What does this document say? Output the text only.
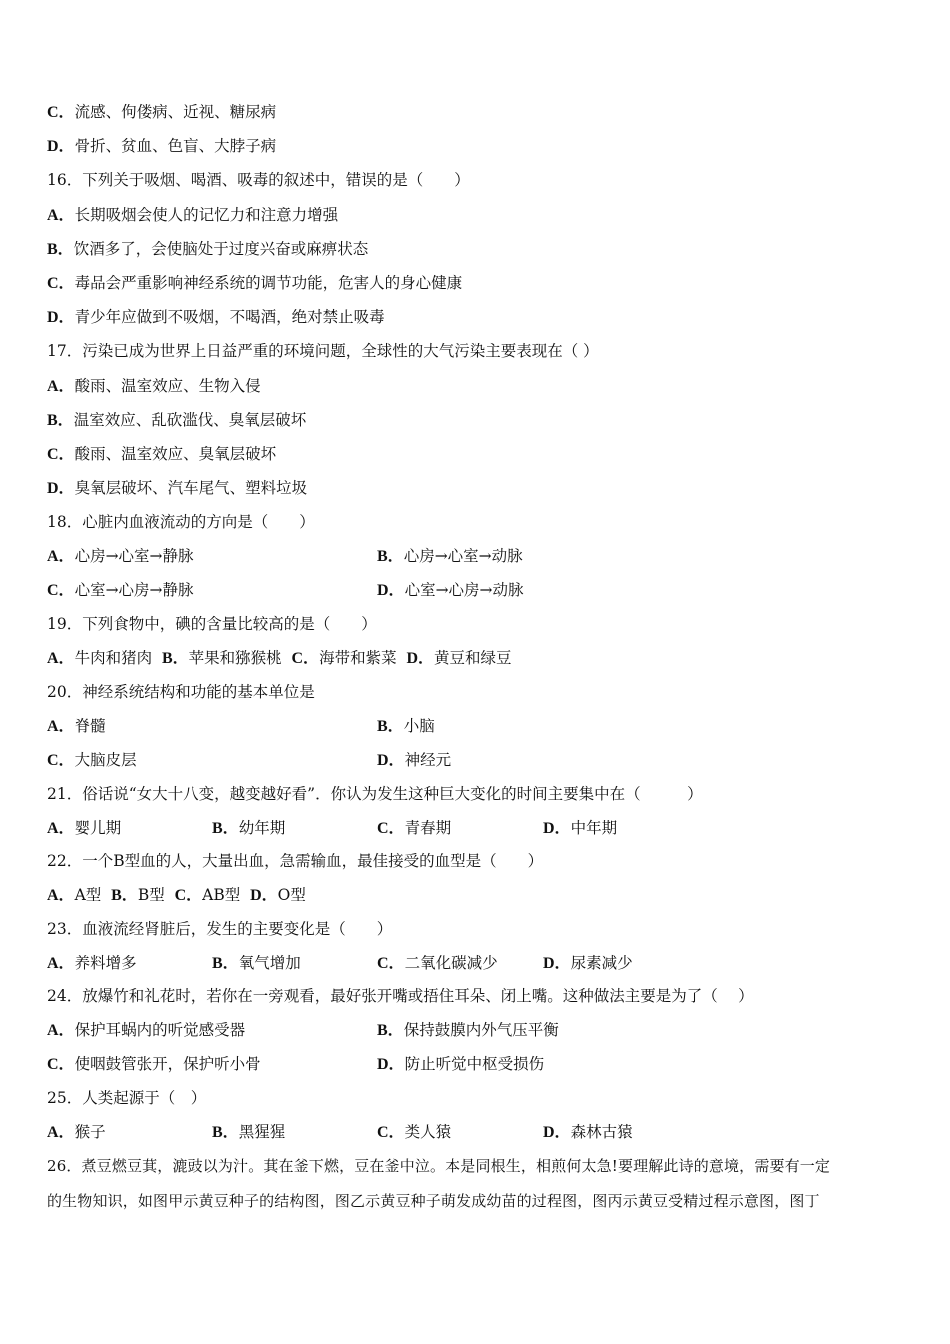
C．流感、佝偻病、近视、糖尿病
D．骨折、贫血、色盲、大脖子病
16．下列关于吸烟、喝酒、吸毒的叙述中，错误的是（　　）
A．长期吸烟会使人的记忆力和注意力增强
B．饮酒多了，会使脑处于过度兴奋或麻痹状态
C．毒品会严重影响神经系统的调节功能，危害人的身心健康
D．青少年应做到不吸烟，不喝酒，绝对禁止吸毒
17．污染已成为世界上日益严重的环境问题，全球性的大气污染主要表现在（ ）
A．酸雨、温室效应、生物入侵
B．温室效应、乱砍滥伐、臭氧层破坏
C．酸雨、温室效应、臭氧层破坏
D．臭氧层破坏、汽车尾气、塑料垃圾
18．心脏内血液流动的方向是（　　）
A．心房→心室→静脉	B．心房→心室→动脉
C．心室→心房→静脉	D．心室→心房→动脉
19．下列食物中，碘的含量比较高的是（　　）
A．牛肉和猪肉 B．苹果和猕猴桃 C．海带和紫菜 D．黄豆和绿豆
20．神经系统结构和功能的基本单位是
A．脊髓	B．小脑
C．大脑皮层	D．神经元
21．俗话说“女大十八变，越变越好看”．你认为发生这种巨大变化的时间主要集中在（　　　）
A．婴儿期	B．幼年期	C．青春期	D．中年期
22．一个B型血的人，大量出血，急需输血，最佳接受的血型是（　　）
A．A型 B．B型 C．AB型 D．O型
23．血液流经肾脏后，发生的主要变化是（　　）
A．养料增多	B．氧气增加	C．二氧化碳减少	D．尿素减少
24．放爆竹和礼花时，若你在一旁观看，最好张开嘴或捂住耳朵、闭上嘴。这种做法主要是为了（　 ）
A．保护耳蜗内的听觉感受器	B．保持鼓膜内外气压平衡
C．使咽鼓管张开，保护听小骨	D．防止听觉中枢受损伤
25．人类起源于（　）
A．猴子	B．黑猩猩	C．类人猿	D．森林古猿
26．煮豆燃豆萁，漉豉以为汁。萁在釜下燃，豆在釜中泣。本是同根生，相煎何太急!要理解此诗的意境，需要有一定
的生物知识，如图甲示黄豆种子的结构图，图乙示黄豆种子萌发成幼苗的过程图，图丙示黄豆受精过程示意图，图丁
